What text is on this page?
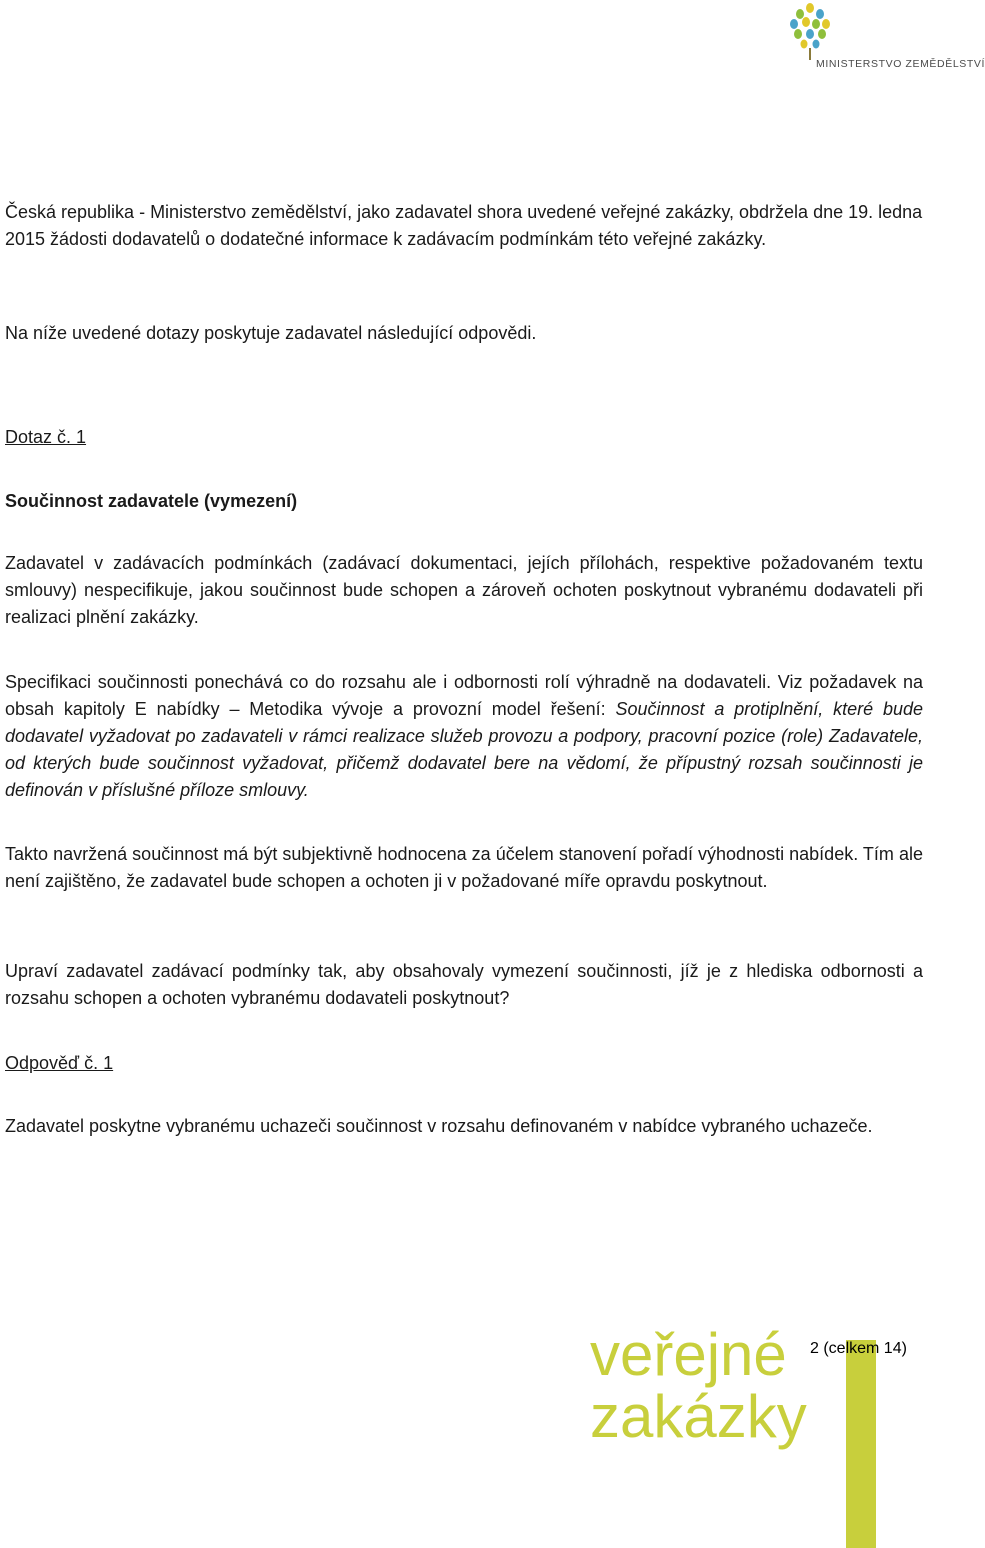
MINISTERSTVO ZEMĚDĚLSTVÍ

Česká republika - Ministerstvo zemědělství, jako zadavatel shora uvedené veřejné zakázky, obdržela dne 19. ledna 2015 žádosti dodavatelů o dodatečné informace k zadávacím podmínkám této veřejné zakázky.

Na níže uvedené dotazy poskytuje zadavatel následující odpovědi.

Dotaz č. 1

Součinnost zadavatele (vymezení)

Zadavatel v zadávacích podmínkách (zadávací dokumentaci, jejích přílohách, respektive požadovaném textu smlouvy) nespecifikuje, jakou součinnost bude schopen a zároveň ochoten poskytnout vybranému dodavateli při realizaci plnění zakázky.

Specifikaci součinnosti ponechává co do rozsahu ale i odbornosti rolí výhradně na dodavateli. Viz požadavek na obsah kapitoly E nabídky – Metodika vývoje a provozní model řešení: Součinnost a protiplnění, které bude dodavatel vyžadovat po zadavateli v rámci realizace služeb provozu a podpory, pracovní pozice (role) Zadavatele, od kterých bude součinnost vyžadovat, přičemž dodavatel bere na vědomí, že přípustný rozsah součinnosti je definován v příslušné příloze smlouvy.

Takto navržená součinnost má být subjektivně hodnocena za účelem stanovení pořadí výhodnosti nabídek. Tím ale není zajištěno, že zadavatel bude schopen a ochoten ji v požadované míře opravdu poskytnout.

Upraví zadavatel zadávací podmínky tak, aby obsahovaly vymezení součinnosti, jíž je z hlediska odbornosti a rozsahu schopen a ochoten vybranému dodavateli poskytnout?

Odpověď č. 1

Zadavatel poskytne vybranému uchazeči součinnost v rozsahu definovaném v nabídce vybraného uchazeče.

veřejné
zakázky
2 (celkem 14)
